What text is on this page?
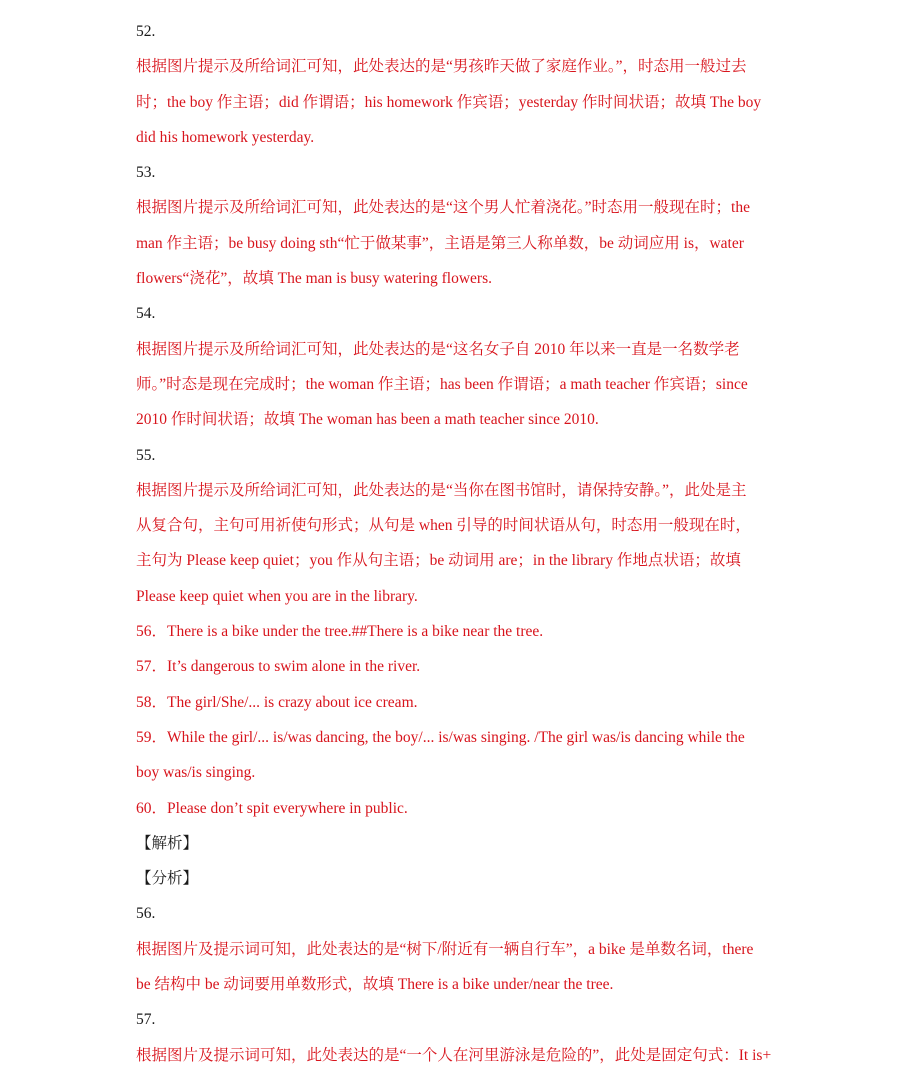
52.
根据图片提示及所给词汇可知，此处表达的是“男孩昨天做了家庭作业。”，时态用一般过去
时；the boy 作主语；did 作谓语；his homework 作宾语；yesterday 作时间状语；故填 The boy
did his homework yesterday.
53.
根据图片提示及所给词汇可知，此处表达的是“这个男人忙着浇花。”时态用一般现在时；the
man 作主语；be busy doing sth“忙于做某事”，主语是第三人称单数，be 动词应用 is，water
flowers“浇花”，故填 The man is busy watering flowers.
54.
根据图片提示及所给词汇可知，此处表达的是“这名女子自 2010 年以来一直是一名数学老
师。”时态是现在完成时；the woman 作主语；has been 作谓语；a math teacher 作宾语；since
2010 作时间状语；故填 The woman has been a math teacher since 2010.
55.
根据图片提示及所给词汇可知，此处表达的是“当你在图书馆时，请保持安静。”，此处是主
从复合句，主句可用祈使句形式；从句是 when 引导的时间状语从句，时态用一般现在时，
主句为 Please keep quiet；you 作从句主语；be 动词用 are；in the library 作地点状语；故填
Please keep quiet when you are in the library.
56．There is a bike under the tree.##There is a bike near the tree.
57．It’s dangerous to swim alone in the river.
58．The girl/She/... is crazy about ice cream.
59．While the girl/... is/was dancing, the boy/... is/was singing. /The girl was/is dancing while the
boy was/is singing.
60．Please don’t spit everywhere in public.
【解析】
【分析】
56.
根据图片及提示词可知，此处表达的是“树下/附近有一辆自行车”，a bike 是单数名词，there
be 结构中 be 动词要用单数形式，故填 There is a bike under/near the tree.
57.
根据图片及提示词可知，此处表达的是“一个人在河里游泳是危险的”，此处是固定句式：It is+
